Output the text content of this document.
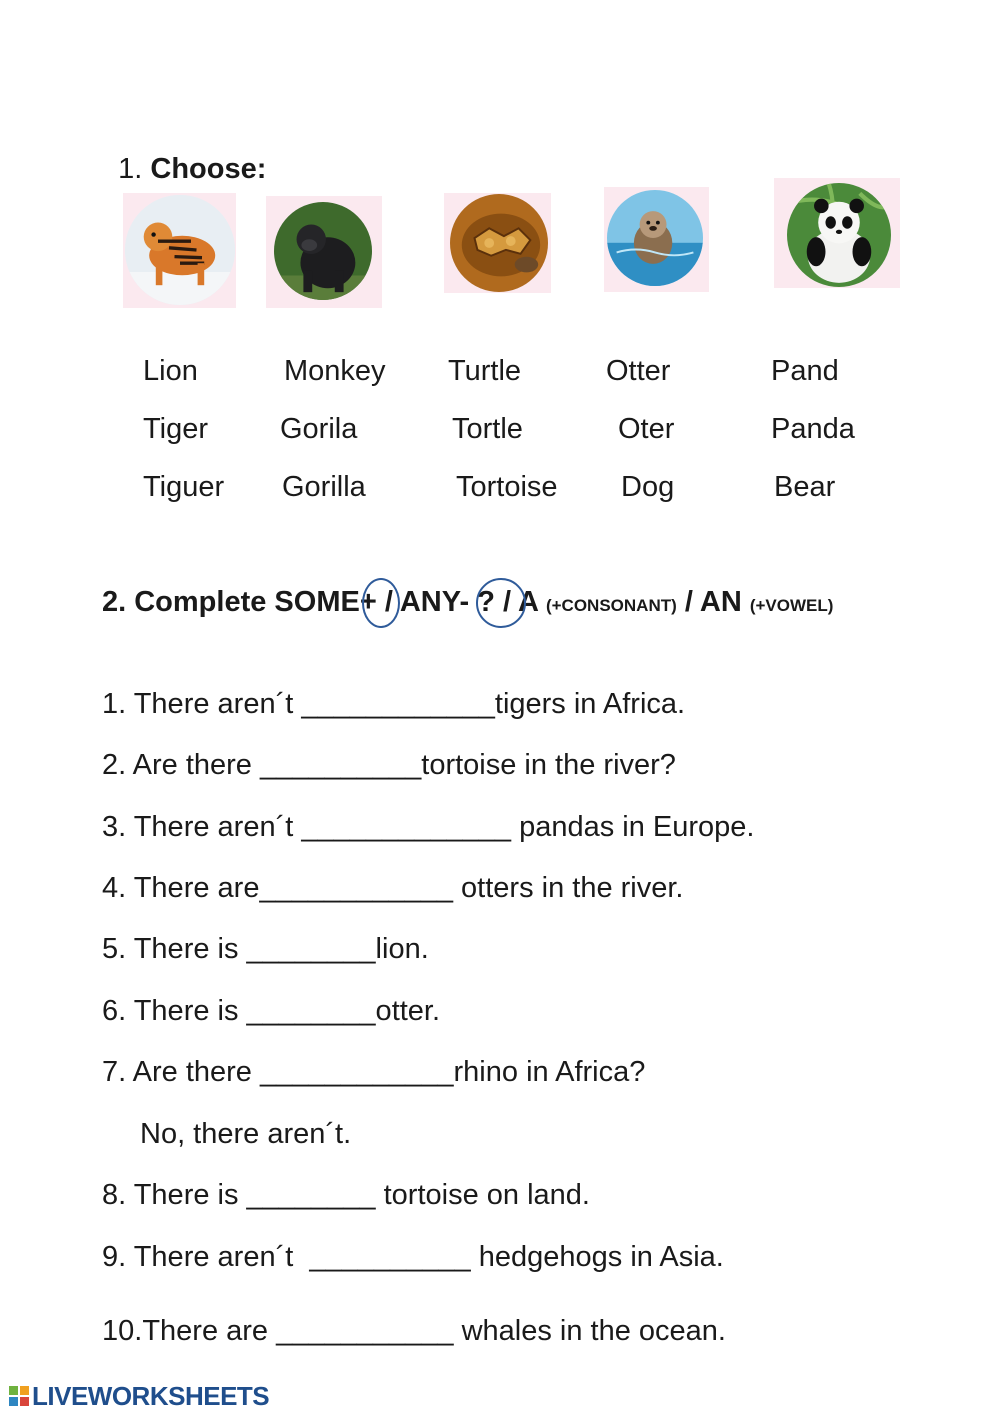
1. Choose:

Lion
Tiger
Tiguer
Monkey
Gorila
Gorilla
Turtle
Tortle
Tortoise
Otter
Oter
Dog
Pand
Panda
Bear
2. Complete SOME+ / ANY- ? / A (+CONSONANT) / AN (+VOWEL)
1. There aren´t ____________tigers in Africa.
2. Are there __________tortoise in the river?
3. There aren´t _____________ pandas in Europe.
4. There are____________ otters in the river.
5. There is ________lion.
6. There is ________otter.
7. Are there ____________rhino in Africa?
No, there aren´t.
8. There is ________ tortoise on land.
9. There aren´t  __________ hedgehogs in Asia.
10.There are ___________ whales in the ocean.
LIVEWORKSHEETS
